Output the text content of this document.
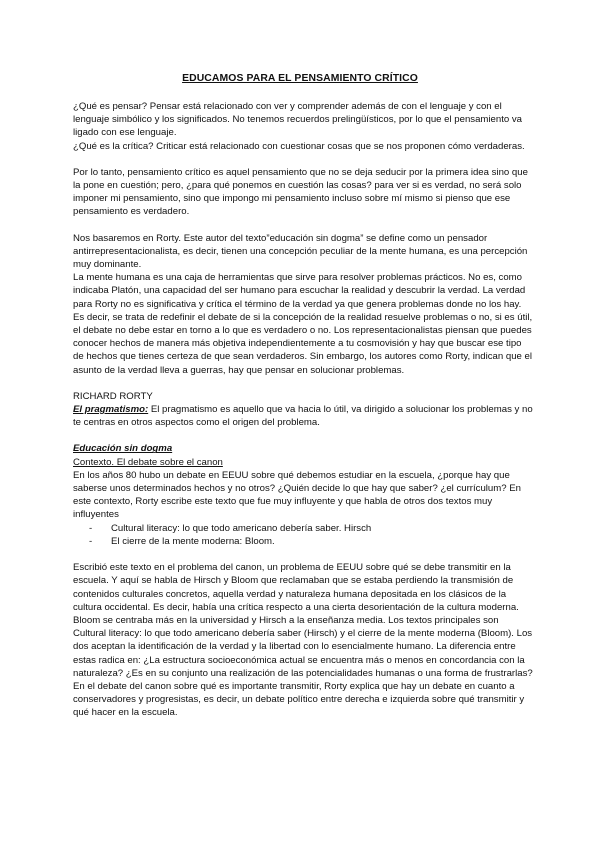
EDUCAMOS PARA EL PENSAMIENTO CRÍTICO

¿Qué es pensar? Pensar está relacionado con ver y comprender además de con el lenguaje y con el lenguaje simbólico y los significados. No tenemos recuerdos prelingüísticos, por lo que el pensamiento va ligado con ese lenguaje.

¿Qué es la crítica? Criticar está relacionado con cuestionar cosas que se nos proponen cómo verdaderas.

Por lo tanto, pensamiento crítico es aquel pensamiento que no se deja seducir por la primera idea sino que la pone en cuestión; pero, ¿para qué ponemos en cuestión las cosas? para ver si es verdad, no será solo imponer mi pensamiento, sino que impongo mi pensamiento incluso sobre mí mismo si pienso que ese pensamiento es verdadero.

Nos basaremos en Rorty. Este autor del texto”educación sin dogma” se define como un pensador antirrepresentacionalista, es decir, tienen una concepción peculiar de la mente humana, es una percepción muy dominante.

La mente humana es una caja de herramientas que sirve para resolver problemas prácticos. No es, como indicaba Platón, una capacidad del ser humano para escuchar la realidad y descubrir la verdad. La verdad para Rorty no es significativa y crítica el término de la verdad ya que genera problemas donde no los hay. Es decir, se trata de redefinir el debate de si la concepción de la realidad resuelve problemas o no, si es útil, el debate no debe estar en torno a lo que es verdadero o no. Los representacionalistas piensan que puedes conocer hechos de manera más objetiva independientemente a tu cosmovisión y hay que buscar ese tipo de hechos que tienes certeza de que sean verdaderos. Sin embargo, los autores como Rorty, indican que el asunto de la verdad lleva a guerras, hay que pensar en solucionar problemas.

RICHARD RORTY

El pragmatismo: El pragmatismo es aquello que va hacia lo útil, va dirigido a solucionar los problemas y no te centras en otros aspectos como el origen del problema.

Educación sin dogma

Contexto. El debate sobre el canon

En los años 80 hubo un debate en EEUU sobre qué debemos estudiar en la escuela, ¿porque hay que saberse unos determinados hechos y no otros? ¿Quién decide lo que hay que saber? ¿el currículum? En este contexto, Rorty escribe este texto que fue muy influyente y que habla de otros dos textos muy influyentes

- Cultural literacy: lo que todo americano debería saber. Hirsch
- El cierre de la mente moderna: Bloom.

Escribió este texto en el problema del canon, un problema de EEUU sobre qué se debe transmitir en la escuela. Y aquí se habla de Hirsch y Bloom que reclamaban que se estaba perdiendo la transmisión de contenidos culturales concretos, aquella verdad y naturaleza humana depositada en los clásicos de la cultura occidental. Es decir, había una crítica respecto a una cierta desorientación de la cultura moderna.

Bloom se centraba más en la universidad y Hirsch a la enseñanza media. Los textos principales son Cultural literacy: lo que todo americano debería saber (Hirsch) y el cierre de la mente moderna (Bloom). Los dos aceptan la identificación de la verdad y la libertad con lo esencialmente humano. La diferencia entre estas radica en: ¿La estructura socioeconómica actual se encuentra más o menos en concordancia con la naturaleza? ¿Es en su conjunto una realización de las potencialidades humanas o una forma de frustrarlas? En el debate del canon sobre qué es importante transmitir, Rorty explica que hay un debate en cuanto a conservadores y progresistas, es decir, un debate político entre derecha e izquierda sobre qué transmitir y qué hacer en la escuela.
